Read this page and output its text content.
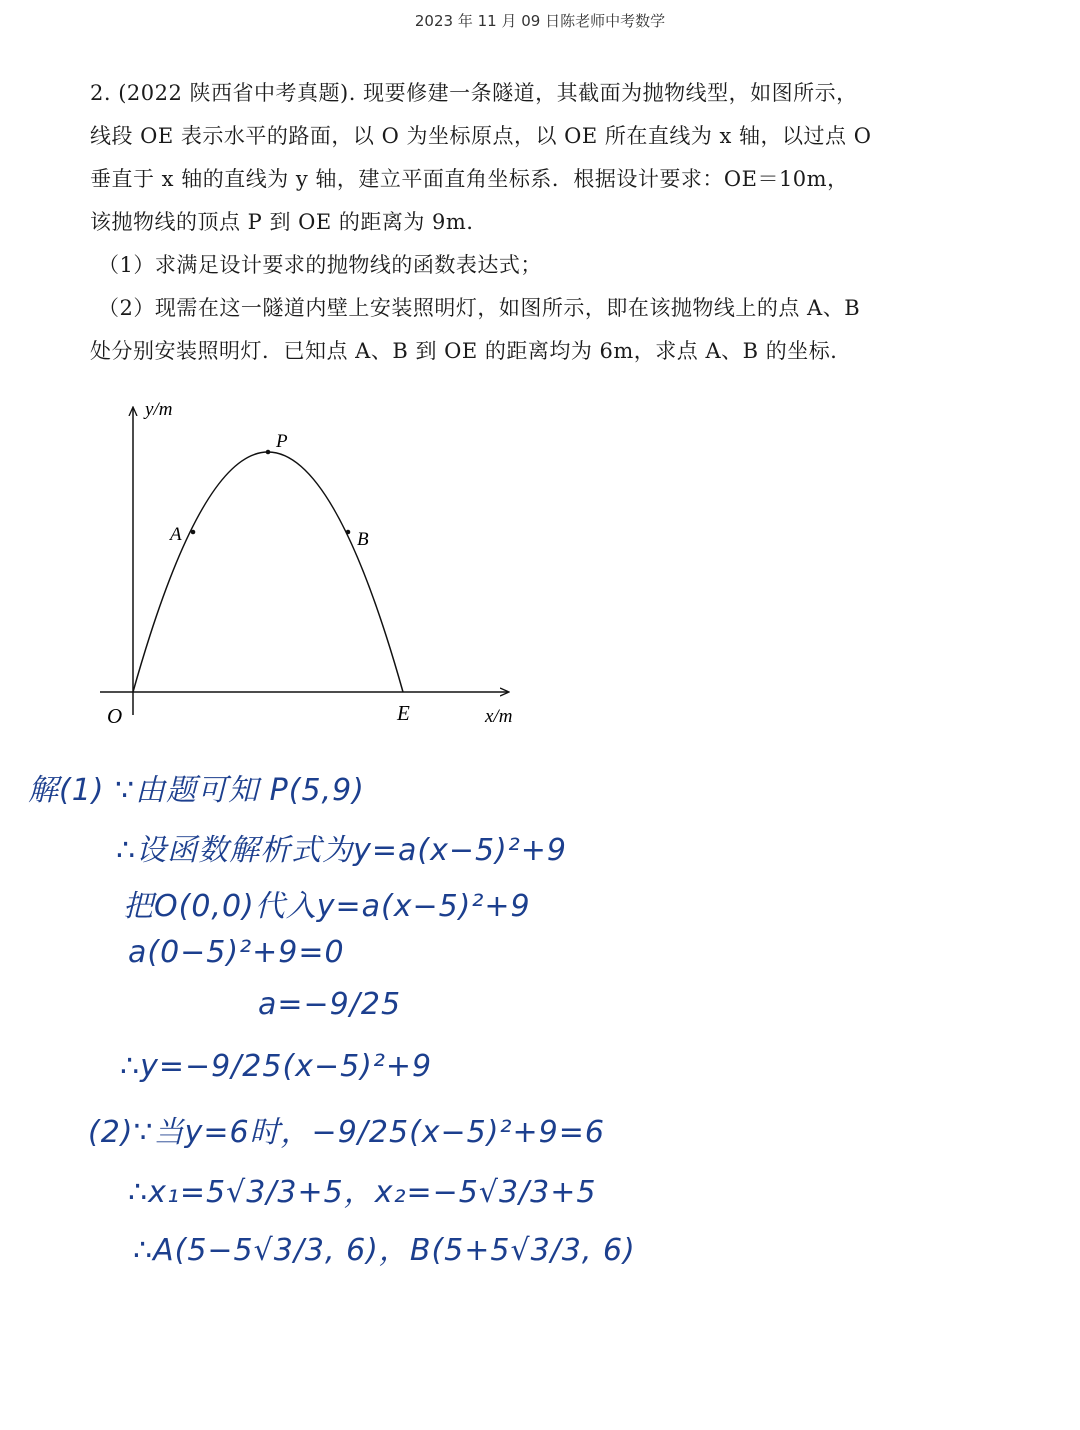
2023 年 11 月 09 日陈老师中考数学
2. (2022 陕西省中考真题). 现要修建一条隧道，其截面为抛物线型，如图所示，
线段 OE 表示水平的路面，以 O 为坐标原点，以 OE 所在直线为 x 轴，以过点 O
垂直于 x 轴的直线为 y 轴，建立平面直角坐标系．根据设计要求：OE＝10m，
该抛物线的顶点 P 到 OE 的距离为 9m．
（1）求满足设计要求的抛物线的函数表达式；
（2）现需在这一隧道内壁上安装照明灯，如图所示，即在该抛物线上的点 A、B
处分别安装照明灯．已知点 A、B 到 OE 的距离均为 6m，求点 A、B 的坐标．
y/m
P
A	B
O	E	x/m
解(1) ∵由题可知 P(5,9)
∴设函数解析式为y=a(x−5)²+9
把O(0,0)代入y=a(x−5)²+9
a(0−5)²+9=0
a=−9/25
∴y=−9/25(x−5)²+9
(2)∵当y=6时，−9/25(x−5)²+9=6
∴x₁=5√3/3+5，x₂=−5√3/3+5
∴A(5−5√3/3, 6)，B(5+5√3/3, 6)
